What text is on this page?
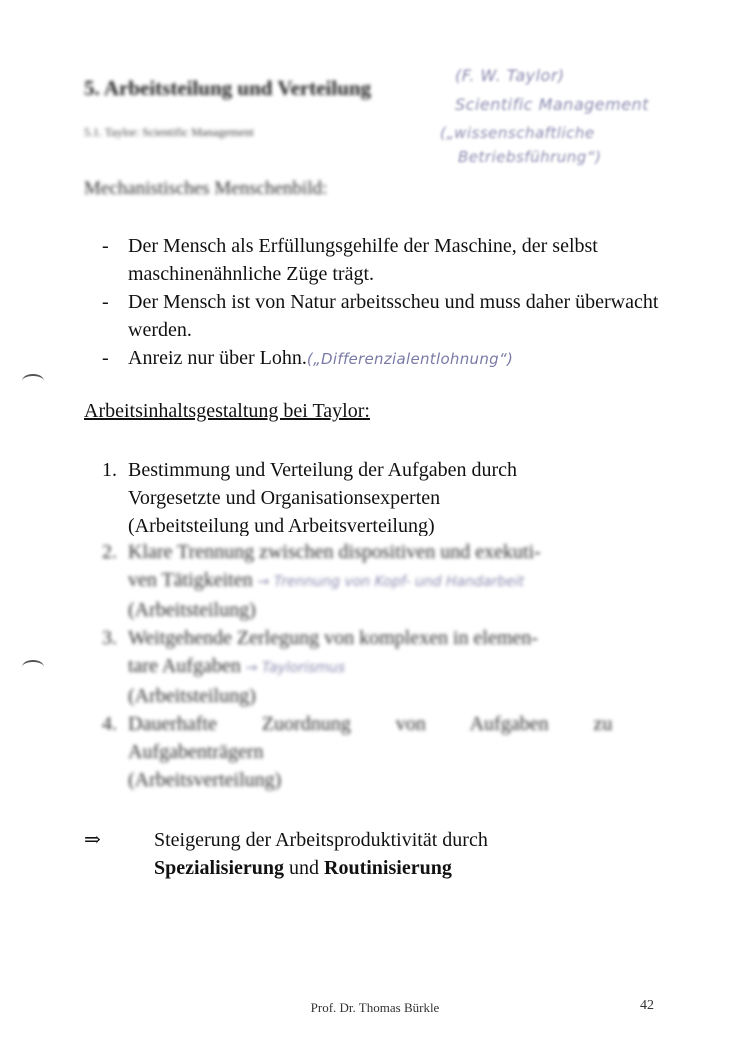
5. Arbeitsteilung und Verteilung
5.1. Taylor: Scientific Management
(F. W. Taylor)
Scientific Management
(„wissenschaftliche
Betriebsführung“)
Mechanistisches Menschenbild:
- Der Mensch als Erfüllungsgehilfe der Maschine, der selbst maschinenähnliche Züge trägt.
- Der Mensch ist von Natur arbeitsscheu und muss daher überwacht werden.
- Anreiz nur über Lohn.(„Differenzialentlohnung“)
Arbeitsinhaltsgestaltung bei Taylor:
1. Bestimmung und Verteilung der Aufgaben durch
Vorgesetzte und Organisationsexperten
(Arbeitsteilung und Arbeitsverteilung)
2. Klare Trennung zwischen dispositiven und exekuti-
ven Tätigkeiten → Trennung von Kopf- und Handarbeit
(Arbeitsteilung)
3. Weitgehende Zerlegung von komplexen in elemen-
tare Aufgaben → Taylorismus
(Arbeitsteilung)
4. Dauerhafte Zuordnung von Aufgaben zu
Aufgabenträgern
(Arbeitsverteilung)
⇒	Steigerung der Arbeitsproduktivität durch
Spezialisierung und Routinisierung
Prof. Dr. Thomas Bürkle	42
